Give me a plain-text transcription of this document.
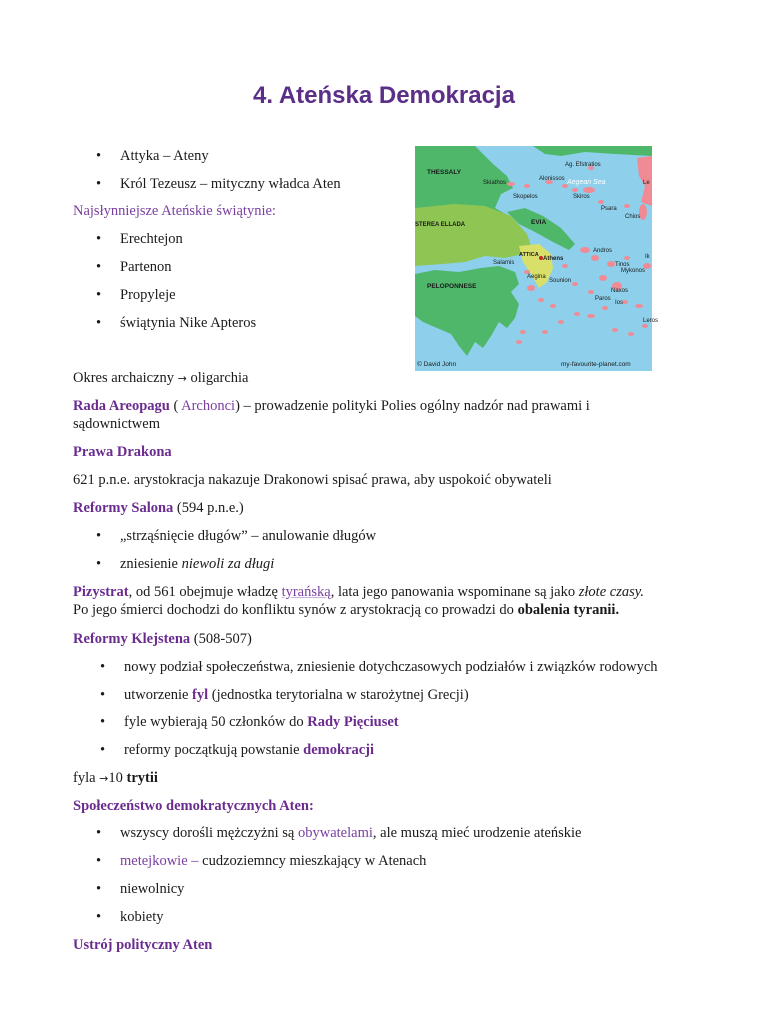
4. Ateńska Demokracja
• Attyka – Ateny
• Król Tezeusz – mityczny władca Aten
Najsłynniejsze Ateńskie świątynie:
• Erechtejon
• Partenon
• Propyleje
• świątynia Nike Apteros
THESSALY
STEREA ELLADA	EVIA
ATTICA
PELOPONNESE
Athens
Aegean Sea
Ag. Efstratios
Skiathos
Alonissos
Skopelos	Skiros
Psara
Chios
Salamis
Aegina
Andros
Tinos
Mykonos
Paros
Naxos
Ios
Leros
Sounion
Ik
Le
© David John	my-favourite-planet.com
Okres archaiczny → oligarchia
Rada Areopagu ( Archonci) – prowadzenie polityki Polies ogólny nadzór nad prawami i
sądownictwem
Prawa Drakona
621 p.n.e. arystokracja nakazuje Drakonowi spisać prawa, aby uspokoić obywateli
Reformy Salona (594 p.n.e.)
• „strząśnięcie długów” – anulowanie długów
• zniesienie niewoli za długi
Pizystrat, od 561 obejmuje władzę tyrańską, lata jego panowania wspominane są jako złote czasy.
Po jego śmierci dochodzi do konfliktu synów z arystokracją co prowadzi do obalenia tyranii.
Reformy Klejstena (508-507)
• nowy podział społeczeństwa, zniesienie dotychczasowych podziałów i związków rodowych
• utworzenie fyl (jednostka terytorialna w starożytnej Grecji)
• fyle wybierają 50 członków do Rady Pięciuset
• reformy początkują powstanie demokracji
fyla →10 trytii
Społeczeństwo demokratycznych Aten:
• wszyscy dorośli mężczyżni są obywatelami, ale muszą mieć urodzenie ateńskie
• metejkowie – cudzoziemncy mieszkający w Atenach
• niewolnicy
• kobiety
Ustrój polityczny Aten
